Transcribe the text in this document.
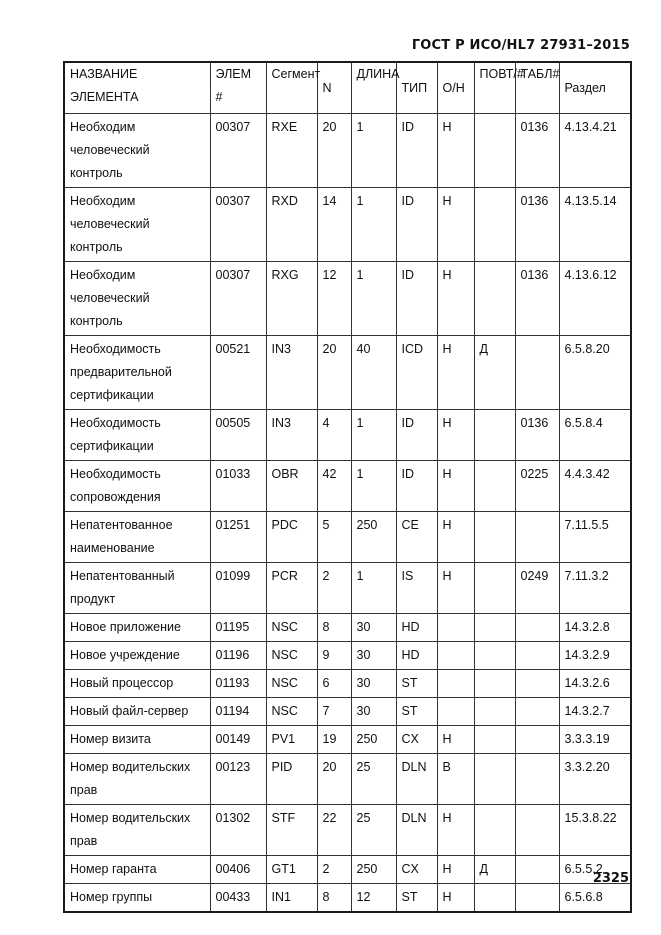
ГОСТ Р ИСО/HL7 27931–2015
НАЗВАНИЕ ЭЛЕМЕНТА	ЭЛЕМ #	Сегмент	N	ДЛИНА	ТИП	О/Н	ПОВТ/#	ТАБЛ#	Раздел
Необходим человеческий контроль	00307	RXE	20	1	ID	Н		0136	4.13.4.21
Необходим человеческий контроль	00307	RXD	14	1	ID	Н		0136	4.13.5.14
Необходим человеческий контроль	00307	RXG	12	1	ID	Н		0136	4.13.6.12
Необходимость предварительной сертификации	00521	IN3	20	40	ICD	Н	Д		6.5.8.20
Необходимость сертификации	00505	IN3	4	1	ID	Н		0136	6.5.8.4
Необходимость сопровождения	01033	OBR	42	1	ID	Н		0225	4.4.3.42
Непатентованное наименование	01251	PDC	5	250	CE	Н			7.11.5.5
Непатентованный продукт	01099	PCR	2	1	IS	Н		0249	7.11.3.2
Новое приложение	01195	NSC	8	30	HD				14.3.2.8
Новое учреждение	01196	NSC	9	30	HD				14.3.2.9
Новый процессор	01193	NSC	6	30	ST				14.3.2.6
Новый файл-сервер	01194	NSC	7	30	ST				14.3.2.7
Номер визита	00149	PV1	19	250	CX	Н			3.3.3.19
Номер водительских прав	00123	PID	20	25	DLN	В			3.3.2.20
Номер водительских прав	01302	STF	22	25	DLN	Н			15.3.8.22
Номер гаранта	00406	GT1	2	250	CX	Н	Д		6.5.5.2
Номер группы	00433	IN1	8	12	ST	Н			6.5.6.8
2325
